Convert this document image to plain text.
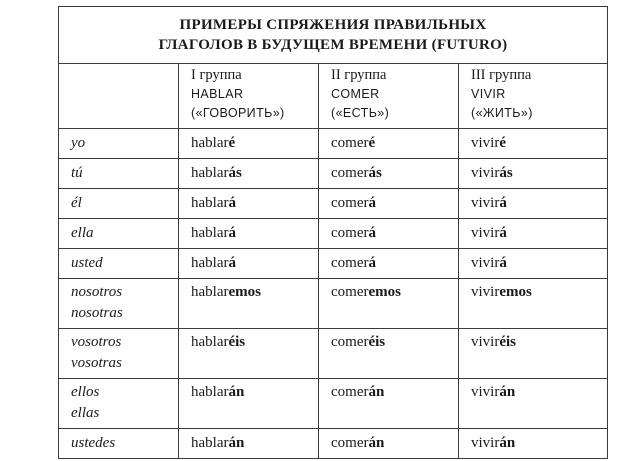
ПРИМЕРЫ СПРЯЖЕНИЯ ПРАВИЛЬНЫХ
ГЛАГОЛОВ В БУДУЩЕМ ВРЕМЕНИ (FUTURO)			

	I группа
HABLAR
(«ГОВОРИТЬ»)	II группа
COMER
(«ЕСТЬ»)	III группа
VIVIR
(«ЖИТЬ»)

yo	hablaré	comeré	viviré
tú	hablarás	comerás	vivirás
él	hablará	comerá	vivirá
ella	hablará	comerá	vivirá
usted	hablará	comerá	vivirá

nosotros
nosotras	hablaremos	comeremos	viviremos

vosotros
vosotras	hablaréis	comeréis	viviréis

ellos
ellas	hablarán	comerán	vivirán
ustedes	hablarán	comerán	vivirán
